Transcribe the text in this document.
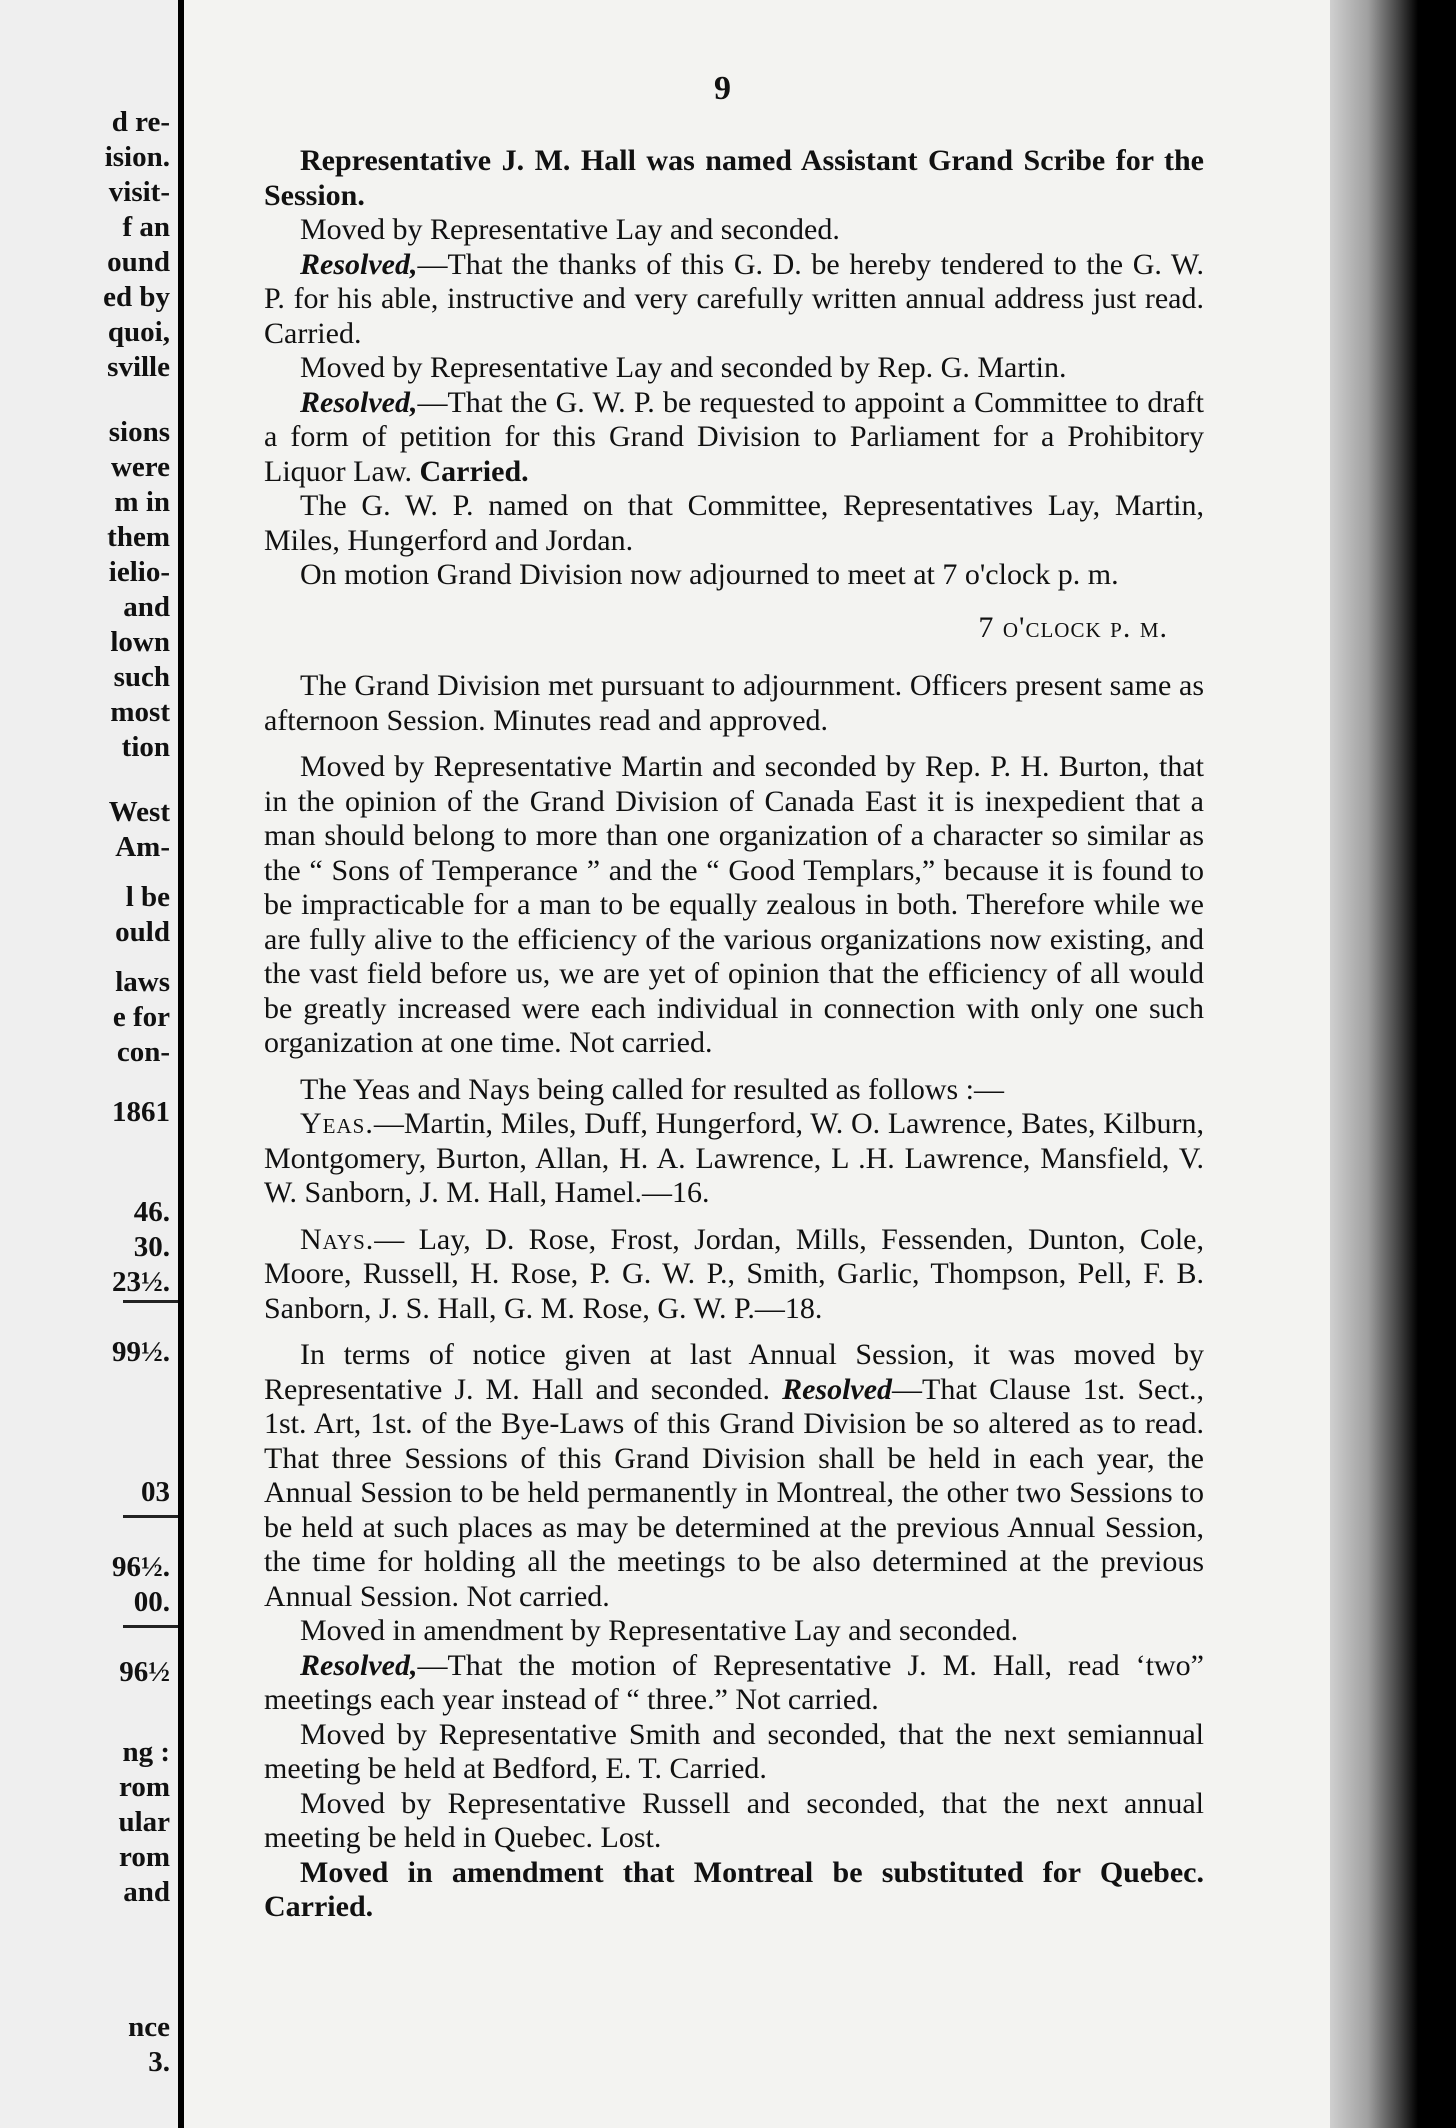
d re-
ision.
visit-
f an
ound
ed by
quoi,
sville
sions
were
m in
them
ielio-
and
lown
such
most
tion
West
Am-
l be
ould
laws
e for
con-
1861
46.
30.
23½.
99½.
03
96½.
00.
96½
ng :
rom
ular
rom
and
nce
3.
9

Representative J. M. Hall was named Assistant Grand Scribe for the Session.

Moved by Representative Lay and seconded.

Resolved,—That the thanks of this G. D. be hereby tendered to the G. W. P. for his able, instructive and very carefully written annual address just read. Carried.

Moved by Representative Lay and seconded by Rep. G. Martin.

Resolved,—That the G. W. P. be requested to appoint a Committee to draft a form of petition for this Grand Division to Parliament for a Prohibitory Liquor Law. Carried.

The G. W. P. named on that Committee, Representatives Lay, Martin, Miles, Hungerford and Jordan.

On motion Grand Division now adjourned to meet at 7 o'clock p. m.

7 o'clock p. m.

The Grand Division met pursuant to adjournment. Officers present same as afternoon Session. Minutes read and approved.

Moved by Representative Martin and seconded by Rep. P. H. Burton, that in the opinion of the Grand Division of Canada East it is inexpedient that a man should belong to more than one organization of a character so similar as the “ Sons of Temperance ” and the “ Good Templars,” because it is found to be impracticable for a man to be equally zealous in both. Therefore while we are fully alive to the efficiency of the various organizations now existing, and the vast field before us, we are yet of opinion that the efficiency of all would be greatly increased were each individual in connection with only one such organization at one time. Not carried.

The Yeas and Nays being called for resulted as follows :—

Yeas.—Martin, Miles, Duff, Hungerford, W. O. Lawrence, Bates, Kilburn, Montgomery, Burton, Allan, H. A. Lawrence, L .H. Lawrence, Mansfield, V. W. Sanborn, J. M. Hall, Hamel.—16.

Nays.— Lay, D. Rose, Frost, Jordan, Mills, Fessenden, Dunton, Cole, Moore, Russell, H. Rose, P. G. W. P., Smith, Garlic, Thompson, Pell, F. B. Sanborn, J. S. Hall, G. M. Rose, G. W. P.—18.

In terms of notice given at last Annual Session, it was moved by Representative J. M. Hall and seconded. Resolved—That Clause 1st. Sect., 1st. Art, 1st. of the Bye-Laws of this Grand Division be so altered as to read. That three Sessions of this Grand Division shall be held in each year, the Annual Session to be held permanently in Montreal, the other two Sessions to be held at such places as may be determined at the previous Annual Session, the time for holding all the meetings to be also determined at the previous Annual Session. Not carried.

Moved in amendment by Representative Lay and seconded.

Resolved,—That the motion of Representative J. M. Hall, read ‘two” meetings each year instead of “ three.” Not carried.

Moved by Representative Smith and seconded, that the next semiannual meeting be held at Bedford, E. T. Carried.

Moved by Representative Russell and seconded, that the next annual meeting be held in Quebec. Lost.

Moved in amendment that Montreal be substituted for Quebec. Carried.
